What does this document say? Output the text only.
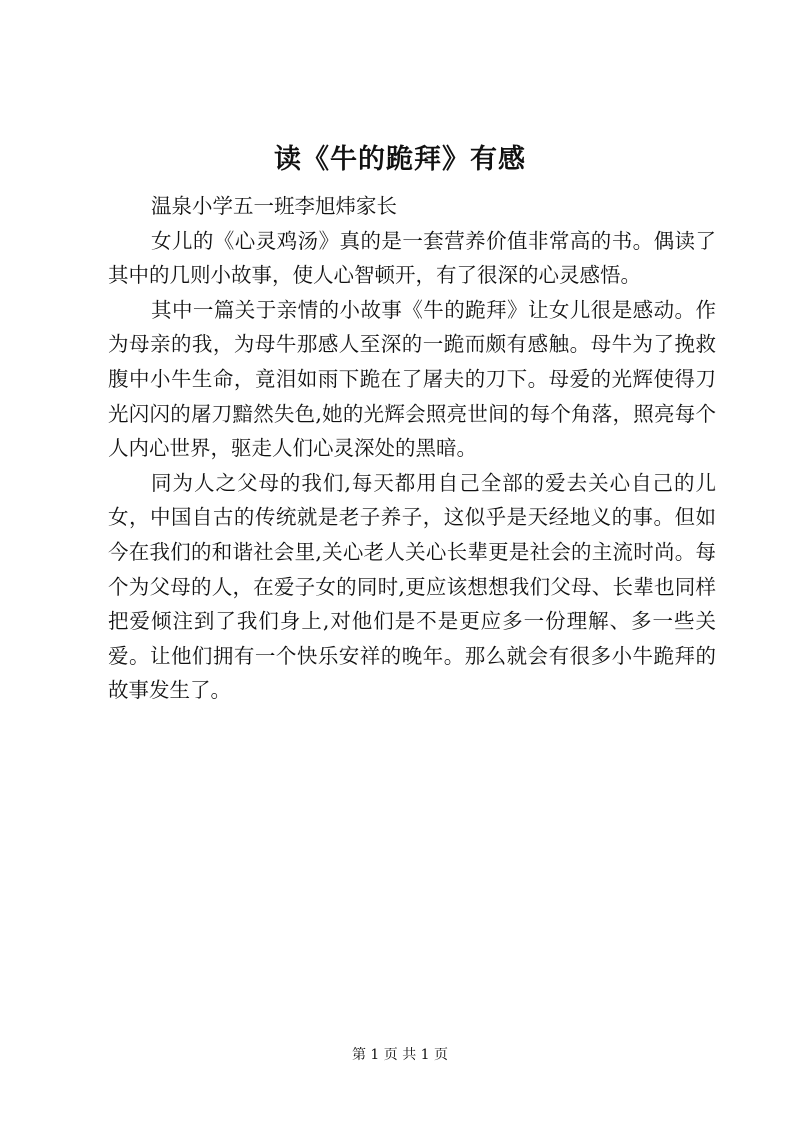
读《牛的跪拜》有感

温泉小学五一班李旭炜家长

女儿的《心灵鸡汤》真的是一套营养价值非常高的书。偶读了其中的几则小故事，使人心智顿开，有了很深的心灵感悟。

其中一篇关于亲情的小故事《牛的跪拜》让女儿很是感动。作为母亲的我，为母牛那感人至深的一跪而颇有感触。母牛为了挽救腹中小牛生命，竟泪如雨下跪在了屠夫的刀下。母爱的光辉使得刀光闪闪的屠刀黯然失色,她的光辉会照亮世间的每个角落，照亮每个人内心世界，驱走人们心灵深处的黑暗。

同为人之父母的我们,每天都用自己全部的爱去关心自己的儿女，中国自古的传统就是老子养子，这似乎是天经地义的事。但如今在我们的和谐社会里,关心老人关心长辈更是社会的主流时尚。每个为父母的人，在爱子女的同时,更应该想想我们父母、长辈也同样把爱倾注到了我们身上,对他们是不是更应多一份理解、多一些关爱。让他们拥有一个快乐安祥的晚年。那么就会有很多小牛跪拜的故事发生了。

第 1 页 共 1 页
